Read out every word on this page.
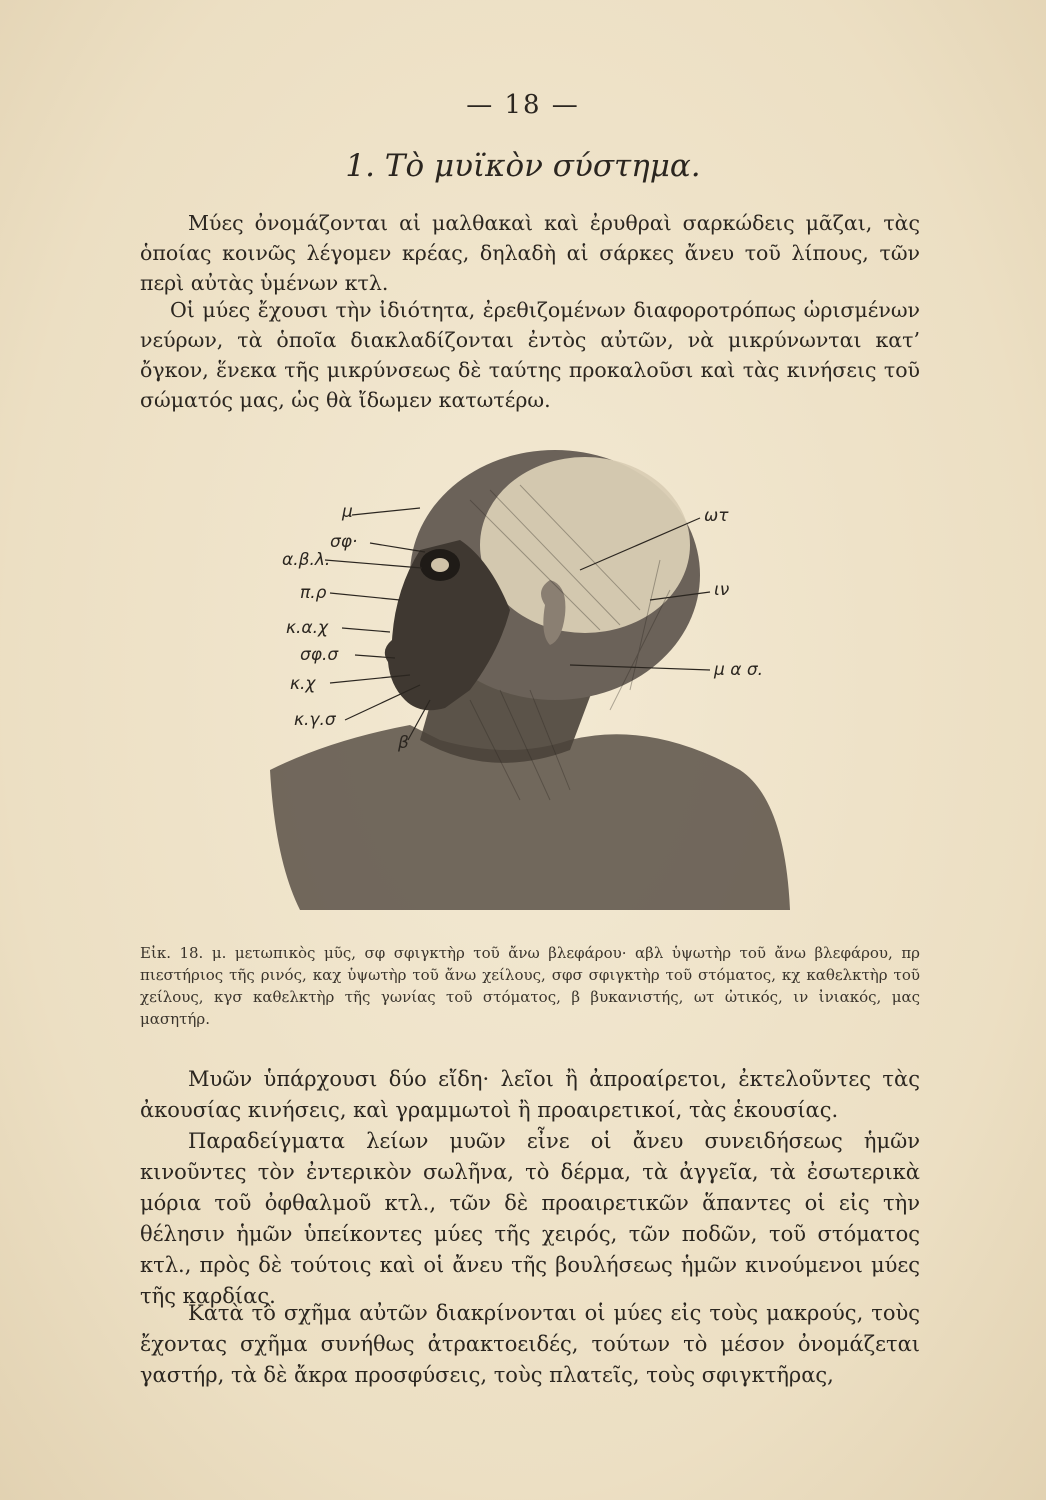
— 18 —
1. Τὸ μυϊκὸν σύστημα.

Μύες ὀνομάζονται αἱ μαλθακαὶ καὶ ἐρυθραὶ σαρκώδεις μᾶζαι, τὰς ὁποίας κοινῶς λέγομεν κρέας, δηλαδὴ αἱ σάρκες ἄνευ τοῦ λίπους, τῶν περὶ αὐτὰς ὑμένων κτλ.

Οἱ μύες ἔχουσι τὴν ἰδιότητα, ἐρεθιζομένων διαφοροτρόπως ὡρισμένων νεύρων, τὰ ὁποῖα διακλαδίζονται ἐντὸς αὐτῶν, νὰ μικρύνωνται κατ’ ὄγκον, ἕνεκα τῆς μικρύνσεως δὲ ταύτης προκαλοῦσι καὶ τὰς κινήσεις τοῦ σώματός μας, ὡς θὰ ἴδωμεν κατωτέρω.

μ
σφ·
α.β.λ.
π.ρ
κ.α.χ
σφ.σ
κ.χ
κ.γ.σ
β
ωτ
ιν
μ α σ.

Εἰκ. 18. μ. μετωπικὸς μῦς, σφ σφιγκτὴρ τοῦ ἄνω βλεφάρου· αβλ ὑψωτὴρ τοῦ ἄνω βλεφάρου, πρ πιεστήριος τῆς ρινός, καχ ὑψωτὴρ τοῦ ἄνω χείλους, σφσ σφιγκτὴρ τοῦ στόματος, κχ καθελκτὴρ τοῦ χείλους, κγσ καθελκτὴρ τῆς γωνίας τοῦ στόματος, β βυκανιστής, ωτ ὠτικός, ιν ἰνιακός, μας μασητήρ.

Μυῶν ὑπάρχουσι δύο εἴδη· λεῖοι ἢ ἀπροαίρετοι, ἐκτελοῦντες τὰς ἀκουσίας κινήσεις, καὶ γραμμωτοὶ ἢ προαιρετικοί, τὰς ἑκουσίας.

Παραδείγματα λείων μυῶν εἶνε οἱ ἄνευ συνειδήσεως ἡμῶν κινοῦντες τὸν ἐντερικὸν σωλῆνα, τὸ δέρμα, τὰ ἀγγεῖα, τὰ ἐσωτερικὰ μόρια τοῦ ὀφθαλμοῦ κτλ., τῶν δὲ προαιρετικῶν ἅπαντες οἱ εἰς τὴν θέλησιν ἡμῶν ὑπείκοντες μύες τῆς χειρός, τῶν ποδῶν, τοῦ στόματος κτλ., πρὸς δὲ τούτοις καὶ οἱ ἄνευ τῆς βουλήσεως ἡμῶν κινούμενοι μύες τῆς καρδίας.

Κατὰ τὸ σχῆμα αὐτῶν διακρίνονται οἱ μύες εἰς τοὺς μακρούς, τοὺς ἔχοντας σχῆμα συνήθως ἀτρακτοειδές, τούτων τὸ μέσον ὀνομάζεται γαστήρ, τὰ δὲ ἄκρα προσφύσεις, τοὺς πλατεῖς, τοὺς σφιγκτῆρας,
